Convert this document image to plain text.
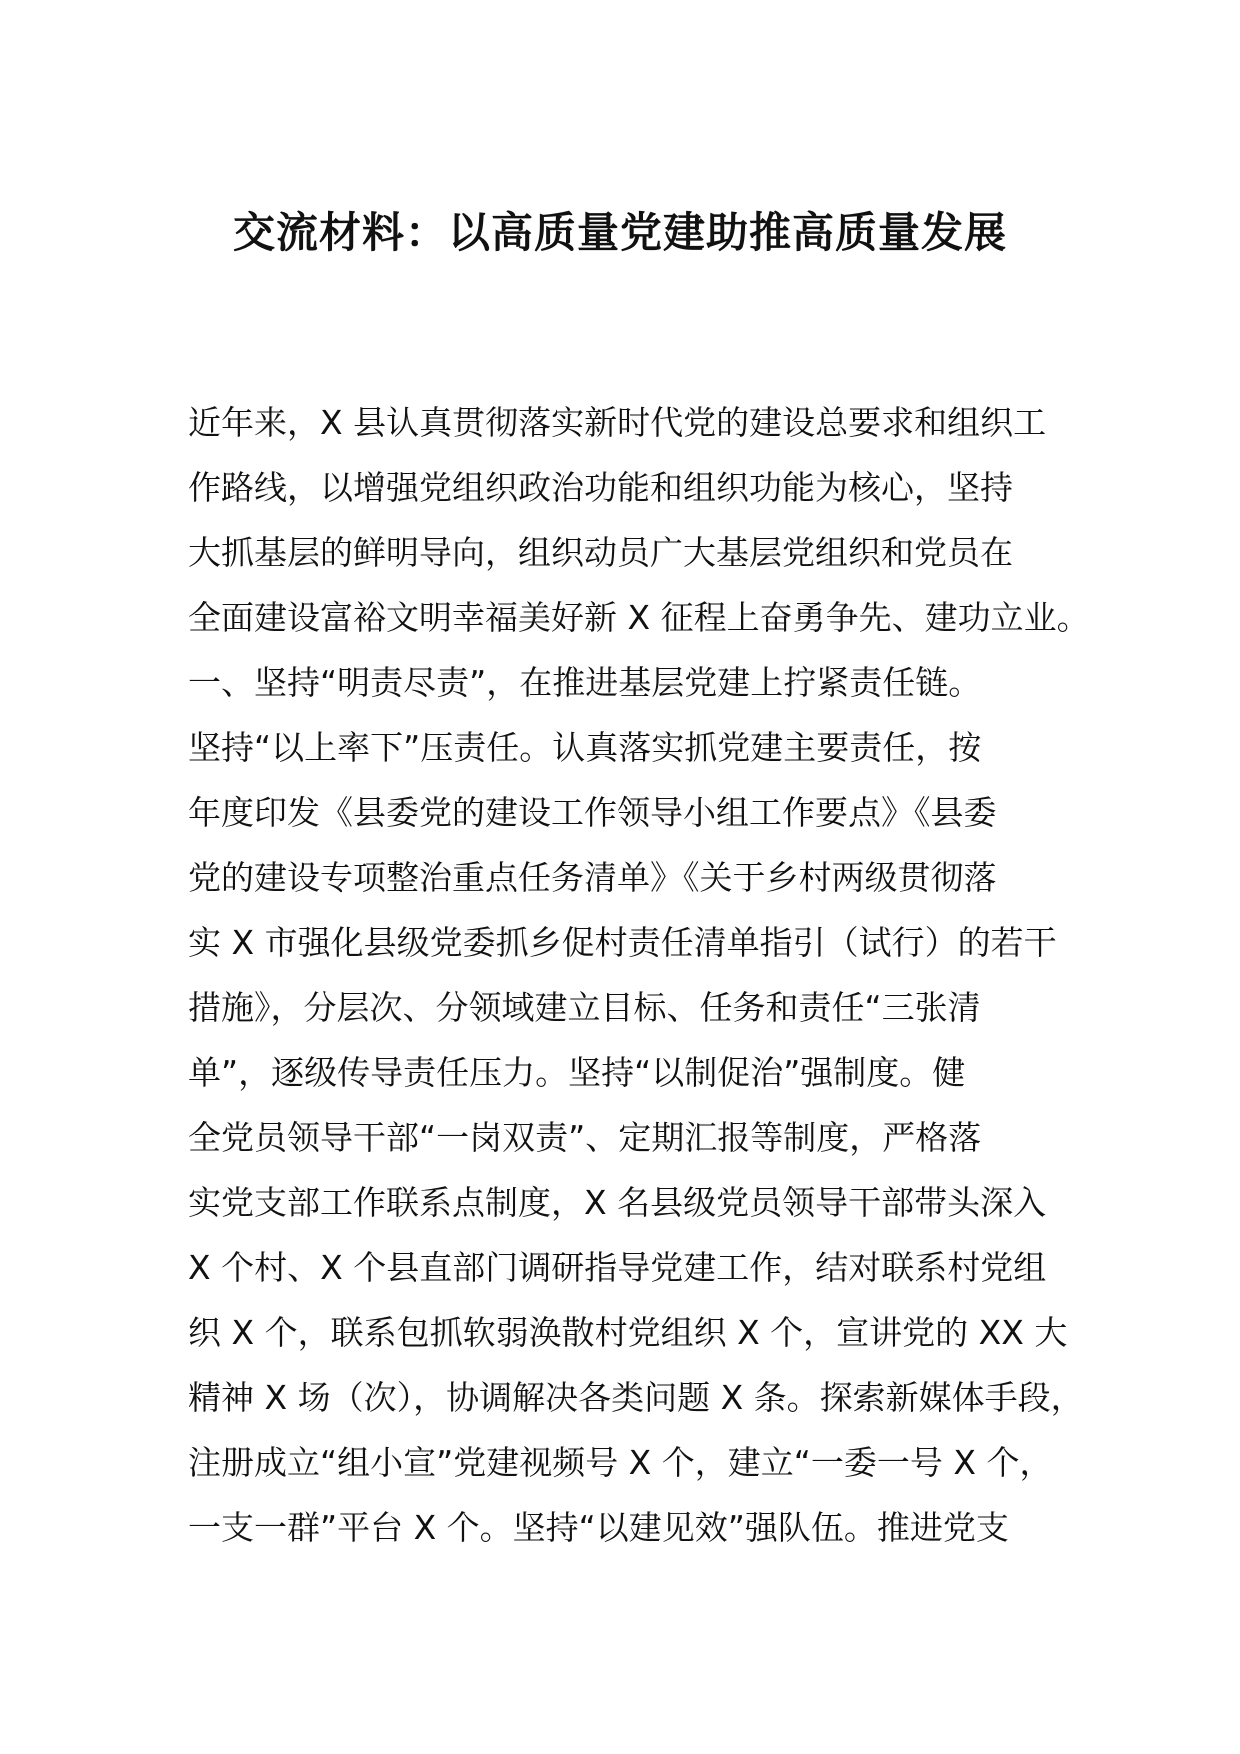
交流材料：以高质量党建助推高质量发展
近年来，X 县认真贯彻落实新时代党的建设总要求和组织工
作路线，以增强党组织政治功能和组织功能为核心，坚持
大抓基层的鲜明导向，组织动员广大基层党组织和党员在
全面建设富裕文明幸福美好新 X 征程上奋勇争先、建功立业。
一、坚持“明责尽责”，在推进基层党建上拧紧责任链。
坚持“以上率下”压责任。认真落实抓党建主要责任，按
年度印发《县委党的建设工作领导小组工作要点》《县委
党的建设专项整治重点任务清单》《关于乡村两级贯彻落
实 X 市强化县级党委抓乡促村责任清单指引（试行）的若干
措施》，分层次、分领域建立目标、任务和责任“三张清
单”，逐级传导责任压力。坚持“以制促治”强制度。健
全党员领导干部“一岗双责”、定期汇报等制度，严格落
实党支部工作联系点制度，X 名县级党员领导干部带头深入
X 个村、X 个县直部门调研指导党建工作，结对联系村党组
织 X 个，联系包抓软弱涣散村党组织 X 个，宣讲党的 XX 大
精神 X 场（次），协调解决各类问题 X 条。探索新媒体手段，
注册成立“组小宣”党建视频号 X 个，建立“一委一号 X 个，
一支一群”平台 X 个。坚持“以建见效”强队伍。推进党支
